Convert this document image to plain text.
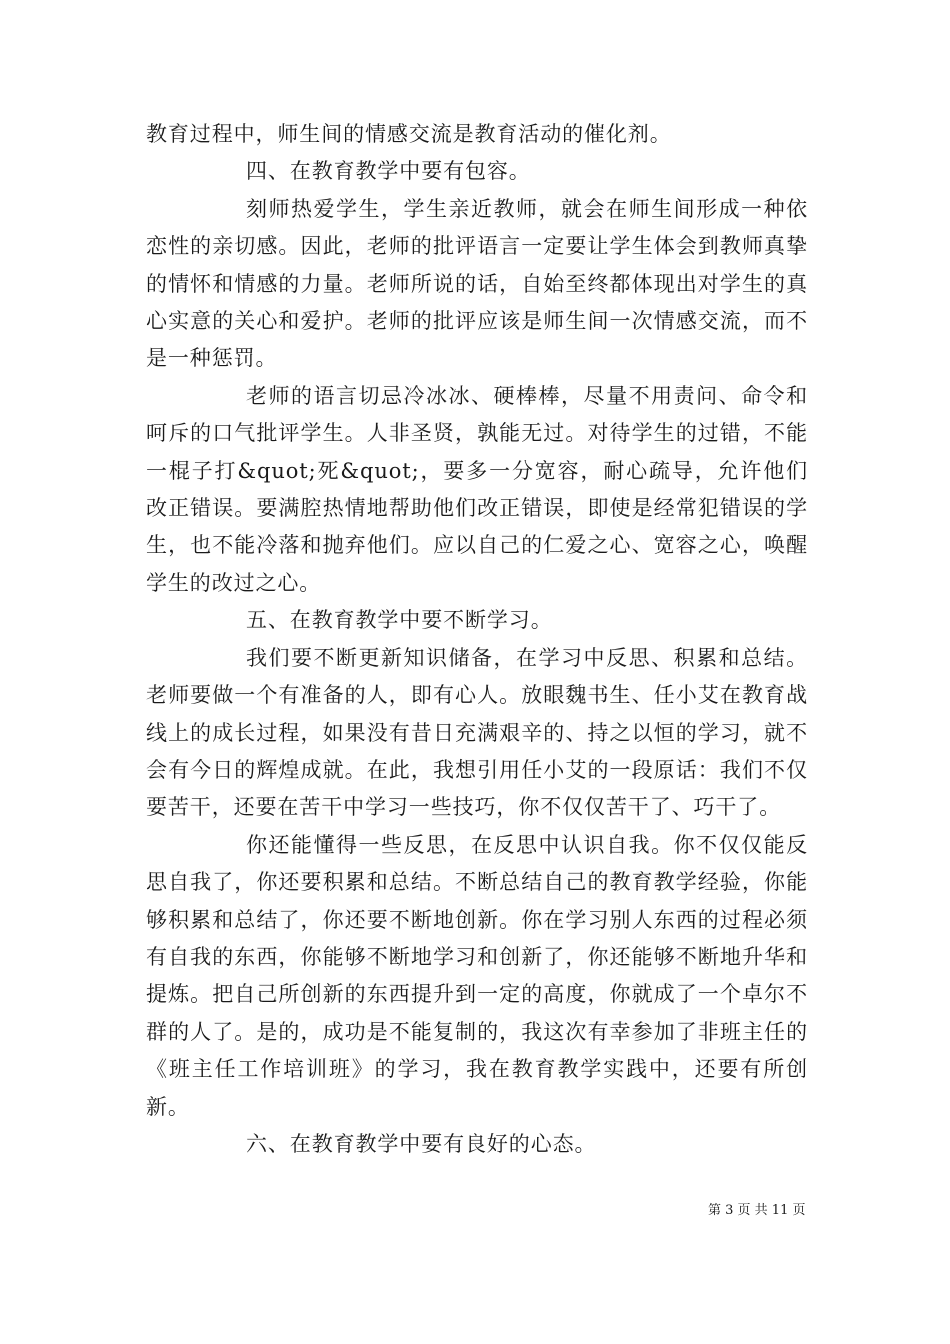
教育过程中，师生间的情感交流是教育活动的催化剂。

四、在教育教学中要有包容。

刻师热爱学生，学生亲近教师，就会在师生间形成一种依恋性的亲切感。因此，老师的批评语言一定要让学生体会到教师真挚的情怀和情感的力量。老师所说的话，自始至终都体现出对学生的真心实意的关心和爱护。老师的批评应该是师生间一次情感交流，而不是一种惩罚。

老师的语言切忌冷冰冰、硬棒棒，尽量不用责问、命令和呵斥的口气批评学生。人非圣贤，孰能无过。对待学生的过错，不能一棍子打&quot;死&quot;，要多一分宽容，耐心疏导，允许他们改正错误。要满腔热情地帮助他们改正错误，即使是经常犯错误的学生，也不能冷落和抛弃他们。应以自己的仁爱之心、宽容之心，唤醒学生的改过之心。

五、在教育教学中要不断学习。

我们要不断更新知识储备，在学习中反思、积累和总结。老师要做一个有准备的人，即有心人。放眼魏书生、任小艾在教育战线上的成长过程，如果没有昔日充满艰辛的、持之以恒的学习，就不会有今日的辉煌成就。在此，我想引用任小艾的一段原话：我们不仅要苦干，还要在苦干中学习一些技巧，你不仅仅苦干了、巧干了。

你还能懂得一些反思，在反思中认识自我。你不仅仅能反思自我了，你还要积累和总结。不断总结自己的教育教学经验，你能够积累和总结了，你还要不断地创新。你在学习别人东西的过程必须有自我的东西，你能够不断地学习和创新了，你还能够不断地升华和提炼。把自己所创新的东西提升到一定的高度，你就成了一个卓尔不群的人了。是的，成功是不能复制的，我这次有幸参加了非班主任的《班主任工作培训班》的学习，我在教育教学实践中，还要有所创新。

六、在教育教学中要有良好的心态。

第 3 页 共 11 页
